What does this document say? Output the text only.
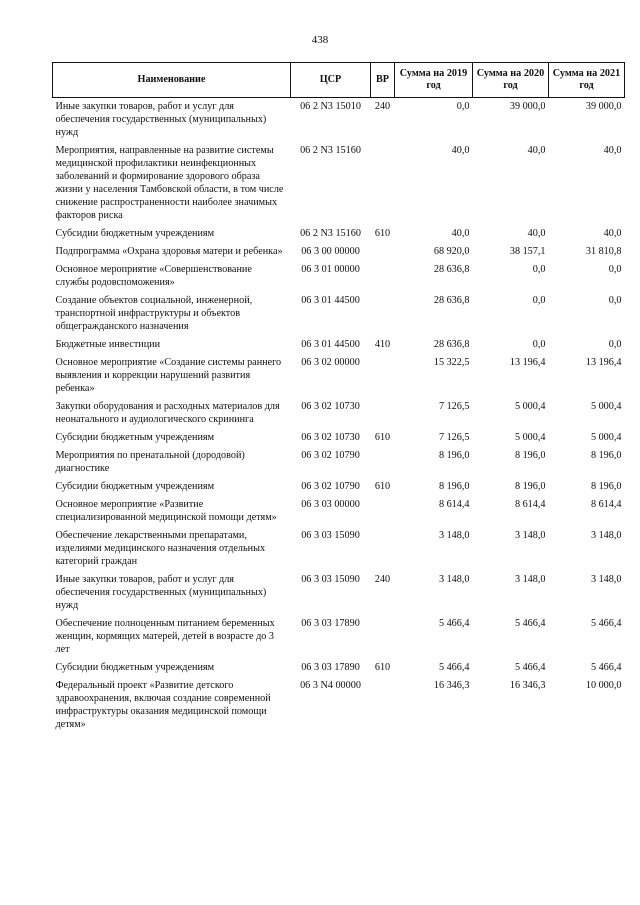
438
Наименование	ЦСР	ВР	Сумма на 2019 год	Сумма на 2020 год	Сумма на 2021 год
Иные закупки товаров, работ и услуг для обеспечения государственных (муниципальных) нужд	06 2 N3 15010	240	0,0	39 000,0	39 000,0
Мероприятия, направленные на развитие системы медицинской профилактики неинфекционных заболеваний и формирование здорового образа жизни у населения Тамбовской области, в том числе снижение распространенности наиболее значимых факторов риска	06 2 N3 15160		40,0	40,0	40,0
Субсидии бюджетным учреждениям	06 2 N3 15160	610	40,0	40,0	40,0
Подпрограмма «Охрана здоровья матери и ребенка»	06 3 00 00000		68 920,0	38 157,1	31 810,8
Основное мероприятие «Совершенствование службы родовспоможения»	06 3 01 00000		28 636,8	0,0	0,0
Создание объектов социальной, инженерной, транспортной инфраструктуры и объектов общегражданского назначения	06 3 01 44500		28 636,8	0,0	0,0
Бюджетные инвестиции	06 3 01 44500	410	28 636,8	0,0	0,0
Основное мероприятие «Создание системы раннего выявления и коррекции нарушений развития ребенка»	06 3 02 00000		15 322,5	13 196,4	13 196,4
Закупки оборудования и расходных материалов для неонатального и аудиологического скрининга	06 3 02 10730		7 126,5	5 000,4	5 000,4
Субсидии бюджетным учреждениям	06 3 02 10730	610	7 126,5	5 000,4	5 000,4
Мероприятия по пренатальной (дородовой) диагностике	06 3 02 10790		8 196,0	8 196,0	8 196,0
Субсидии бюджетным учреждениям	06 3 02 10790	610	8 196,0	8 196,0	8 196,0
Основное мероприятие «Развитие специализированной медицинской помощи детям»	06 3 03 00000		8 614,4	8 614,4	8 614,4
Обеспечение лекарственными препаратами, изделиями медицинского назначения отдельных категорий граждан	06 3 03 15090		3 148,0	3 148,0	3 148,0
Иные закупки товаров, работ и услуг для обеспечения государственных (муниципальных) нужд	06 3 03 15090	240	3 148,0	3 148,0	3 148,0
Обеспечение полноценным питанием беременных женщин, кормящих матерей, детей в возрасте до 3 лет	06 3 03 17890		5 466,4	5 466,4	5 466,4
Субсидии бюджетным учреждениям	06 3 03 17890	610	5 466,4	5 466,4	5 466,4
Федеральный проект «Развитие детского здравоохранения, включая создание современной инфраструктуры оказания медицинской помощи детям»	06 3 N4 00000		16 346,3	16 346,3	10 000,0
